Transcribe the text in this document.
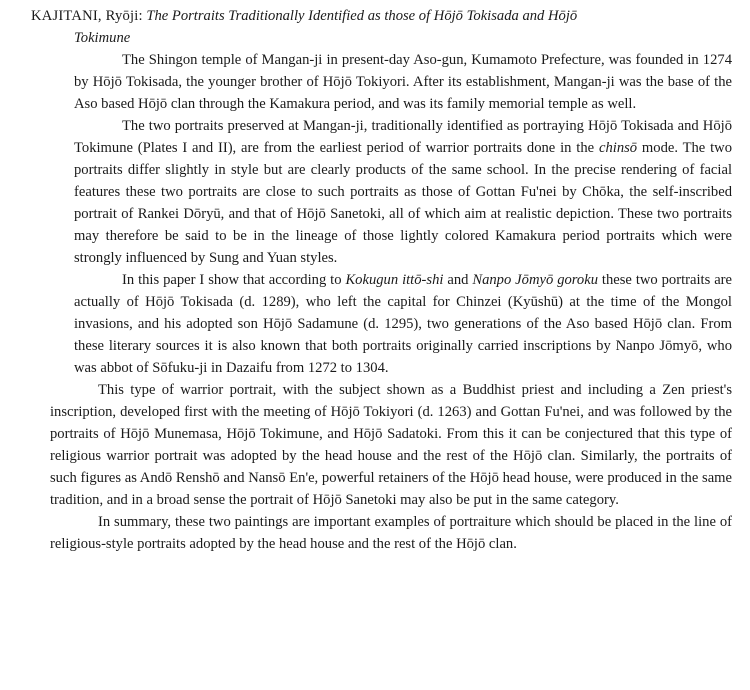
KAJITANI, Ryōji: The Portraits Traditionally Identified as those of Hōjō Tokisada and Hōjō
Tokimune

The Shingon temple of Mangan-ji in present-day Aso-gun, Kumamoto Prefecture, was founded in 1274 by Hōjō Tokisada, the younger brother of Hōjō Tokiyori. After its establishment, Mangan-ji was the base of the Aso based Hōjō clan through the Kamakura period, and was its family memorial temple as well.

The two portraits preserved at Mangan-ji, traditionally identified as portraying Hōjō Tokisada and Hōjō Tokimune (Plates I and II), are from the earliest period of warrior portraits done in the chinsō mode. The two portraits differ slightly in style but are clearly products of the same school. In the precise rendering of facial features these two portraits are close to such portraits as those of Gottan Fu'nei by Chōka, the self-inscribed portrait of Rankei Dōryū, and that of Hōjō Sanetoki, all of which aim at realistic depiction. These two portraits may therefore be said to be in the lineage of those lightly colored Kamakura period portraits which were strongly influenced by Sung and Yuan styles.

In this paper I show that according to Kokugun ittō-shi and Nanpo Jōmyō goroku these two portraits are actually of Hōjō Tokisada (d. 1289), who left the capital for Chinzei (Kyūshū) at the time of the Mongol invasions, and his adopted son Hōjō Sadamune (d. 1295), two generations of the Aso based Hōjō clan. From these literary sources it is also known that both portraits originally carried inscriptions by Nanpo Jōmyō, who was abbot of Sōfuku-ji in Dazaifu from 1272 to 1304.

This type of warrior portrait, with the subject shown as a Buddhist priest and including a Zen priest's inscription, developed first with the meeting of Hōjō Tokiyori (d. 1263) and Gottan Fu'nei, and was followed by the portraits of Hōjō Munemasa, Hōjō Tokimune, and Hōjō Sadatoki. From this it can be conjectured that this type of religious warrior portrait was adopted by the head house and the rest of the Hōjō clan. Similarly, the portraits of such figures as Andō Renshō and Nansō En'e, powerful retainers of the Hōjō head house, were produced in the same tradition, and in a broad sense the portrait of Hōjō Sanetoki may also be put in the same category.

In summary, these two paintings are important examples of portraiture which should be placed in the line of religious-style portraits adopted by the head house and the rest of the Hōjō clan.
